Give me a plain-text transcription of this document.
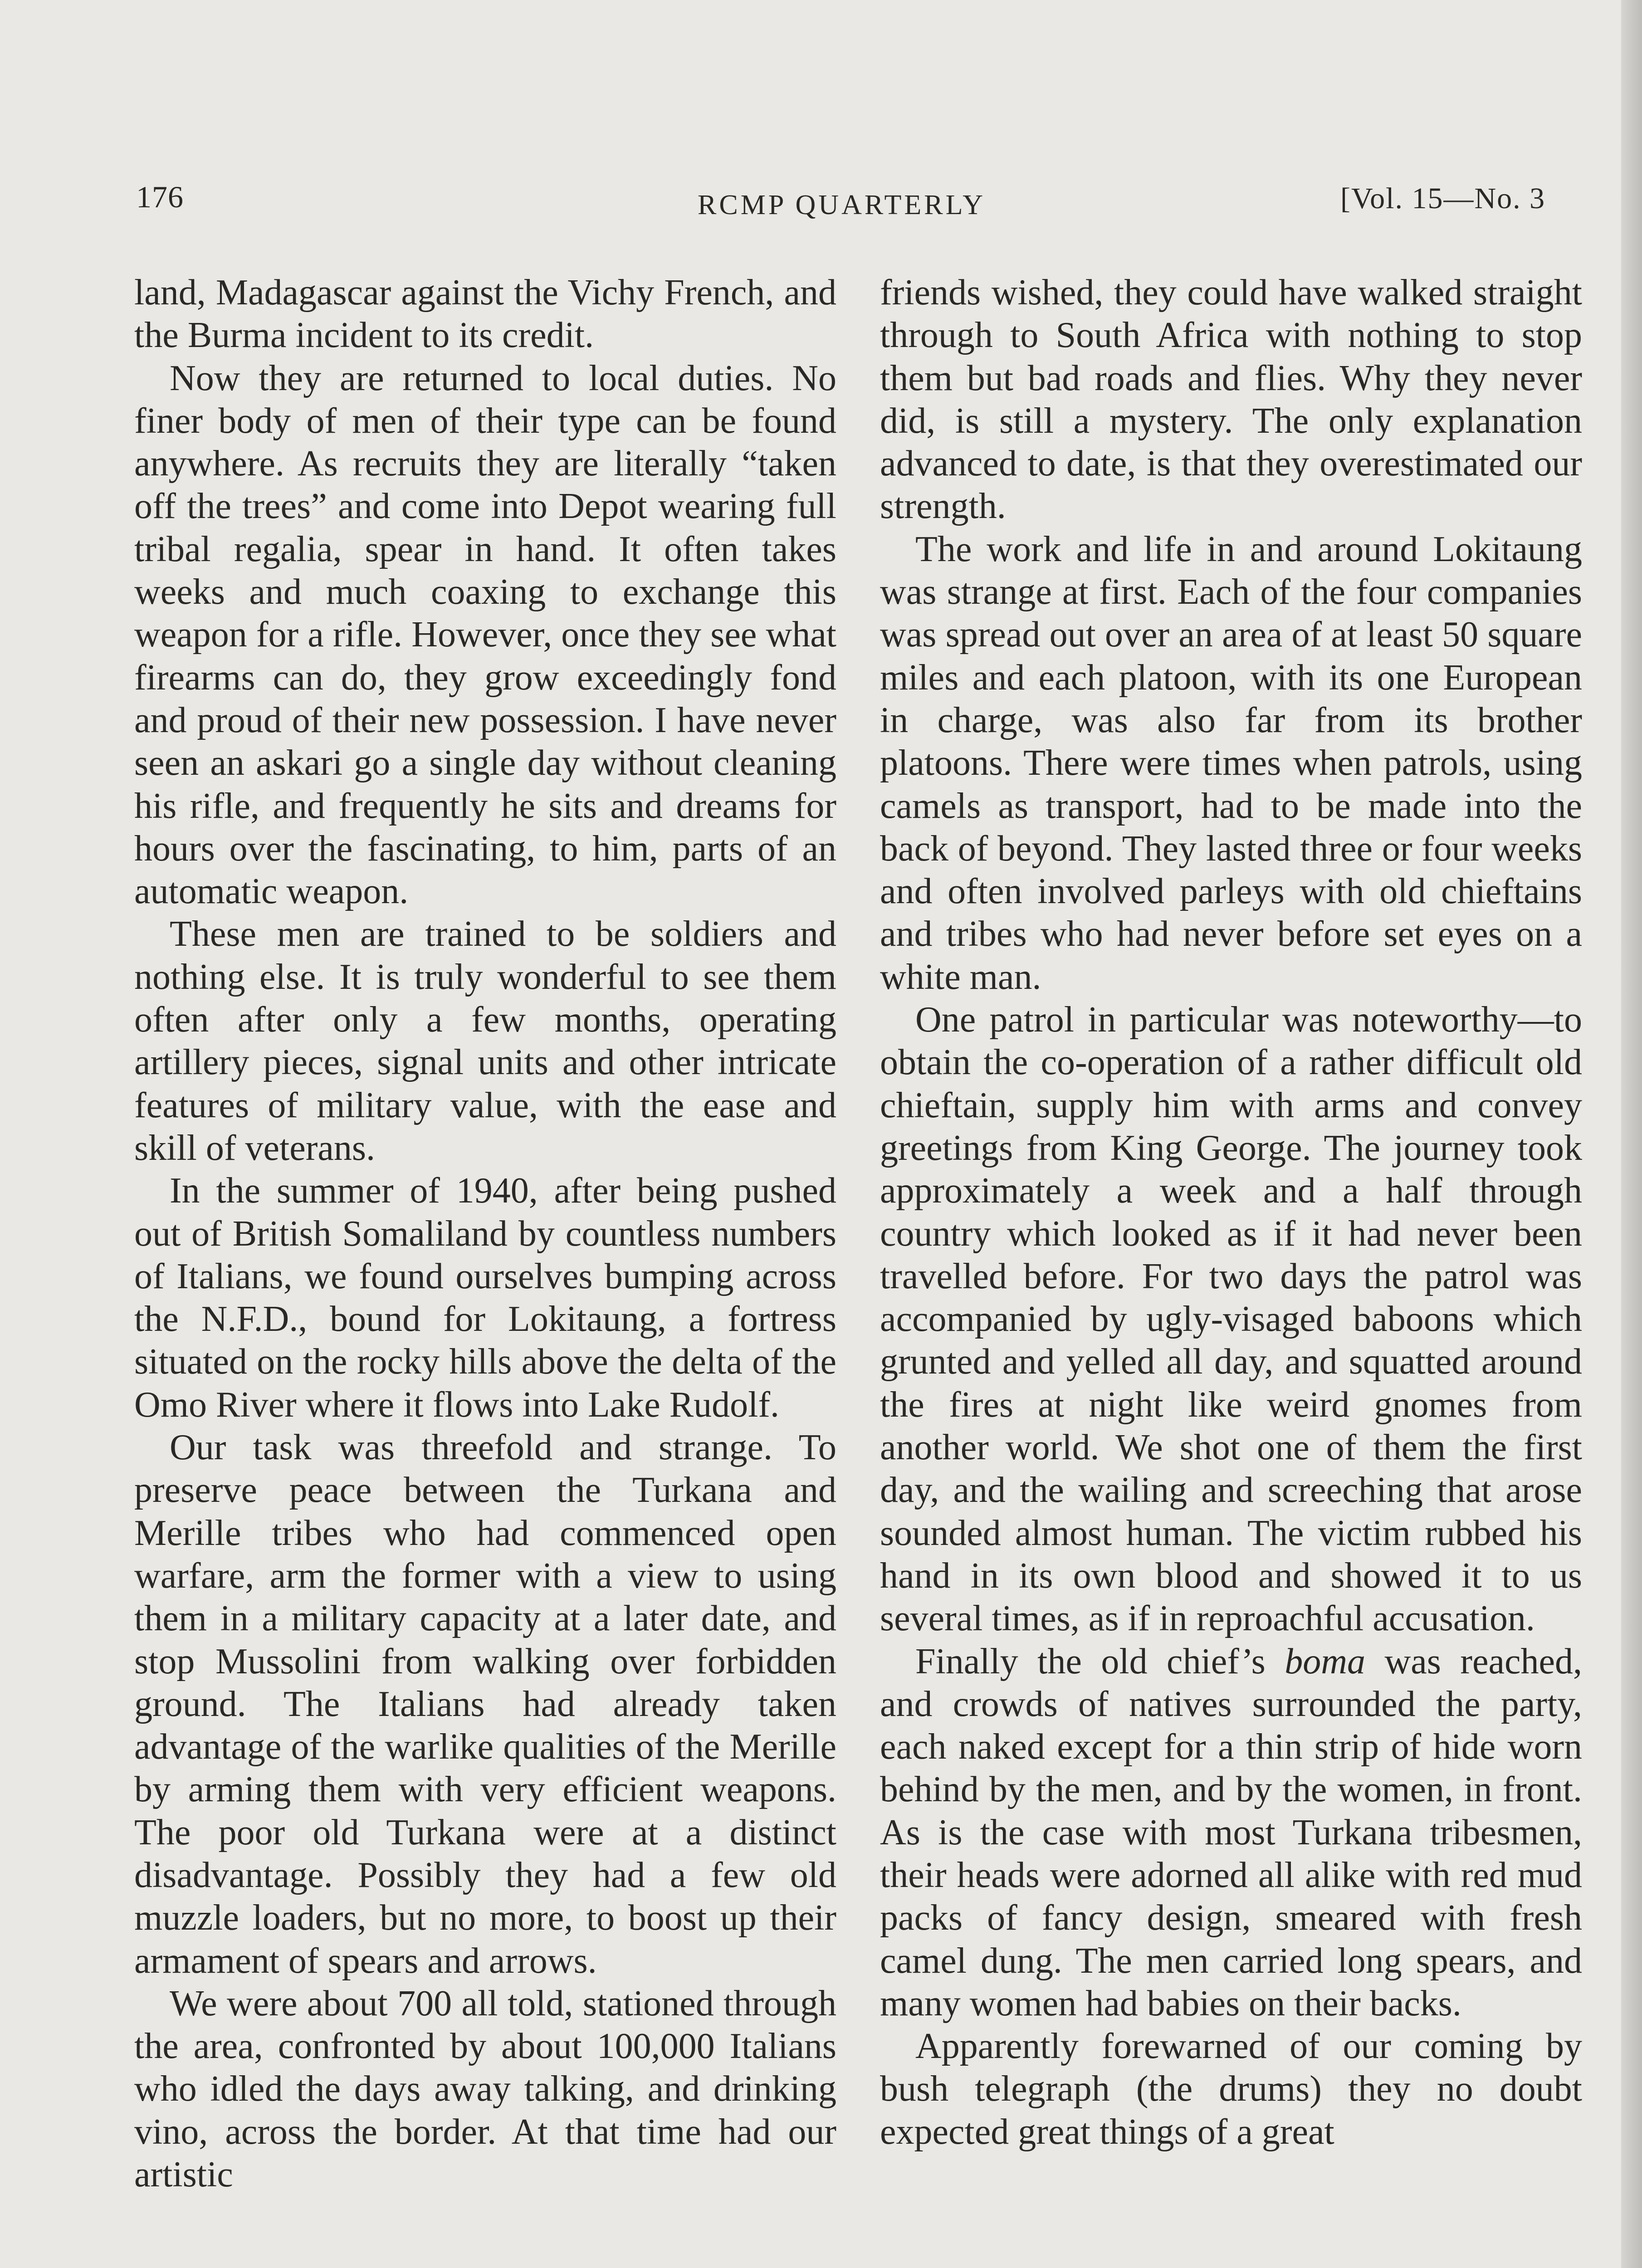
176	RCMP QUARTERLY	[Vol. 15—No. 3

land, Madagascar against the Vichy French, and the Burma incident to its credit.

Now they are returned to local duties. No finer body of men of their type can be found anywhere. As recruits they are literally “taken off the trees” and come into Depot wearing full tribal regalia, spear in hand. It often takes weeks and much coaxing to exchange this weapon for a rifle. However, once they see what firearms can do, they grow exceedingly fond and proud of their new possession. I have never seen an askari go a single day without cleaning his rifle, and frequently he sits and dreams for hours over the fascinating, to him, parts of an automatic weapon.

These men are trained to be soldiers and nothing else. It is truly wonderful to see them often after only a few months, operating artillery pieces, signal units and other intricate features of military value, with the ease and skill of veterans.

In the summer of 1940, after being pushed out of British Somaliland by countless numbers of Italians, we found ourselves bumping across the N.F.D., bound for Lokitaung, a fortress situated on the rocky hills above the delta of the Omo River where it flows into Lake Rudolf.

Our task was threefold and strange. To preserve peace between the Turkana and Merille tribes who had commenced open warfare, arm the former with a view to using them in a military capacity at a later date, and stop Mussolini from walking over forbidden ground. The Italians had already taken advantage of the warlike qualities of the Merille by arming them with very efficient weapons. The poor old Turkana were at a distinct disadvantage. Possibly they had a few old muzzle loaders, but no more, to boost up their armament of spears and arrows.

We were about 700 all told, stationed through the area, confronted by about 100,000 Italians who idled the days away talking, and drinking vino, across the border. At that time had our artistic

friends wished, they could have walked straight through to South Africa with nothing to stop them but bad roads and flies. Why they never did, is still a mystery. The only explanation advanced to date, is that they overestimated our strength.

The work and life in and around Lokitaung was strange at first. Each of the four companies was spread out over an area of at least 50 square miles and each platoon, with its one European in charge, was also far from its brother platoons. There were times when patrols, using camels as transport, had to be made into the back of beyond. They lasted three or four weeks and often involved parleys with old chieftains and tribes who had never before set eyes on a white man.

One patrol in particular was noteworthy—to obtain the co-operation of a rather difficult old chieftain, supply him with arms and convey greetings from King George. The journey took approximately a week and a half through country which looked as if it had never been travelled before. For two days the patrol was accompanied by ugly-visaged baboons which grunted and yelled all day, and squatted around the fires at night like weird gnomes from another world. We shot one of them the first day, and the wailing and screeching that arose sounded almost human. The victim rubbed his hand in its own blood and showed it to us several times, as if in reproachful accusation.

Finally the old chief’s boma was reached, and crowds of natives surrounded the party, each naked except for a thin strip of hide worn behind by the men, and by the women, in front. As is the case with most Turkana tribesmen, their heads were adorned all alike with red mud packs of fancy design, smeared with fresh camel dung. The men carried long spears, and many women had babies on their backs.

Apparently forewarned of our coming by bush telegraph (the drums) they no doubt expected great things of a great
